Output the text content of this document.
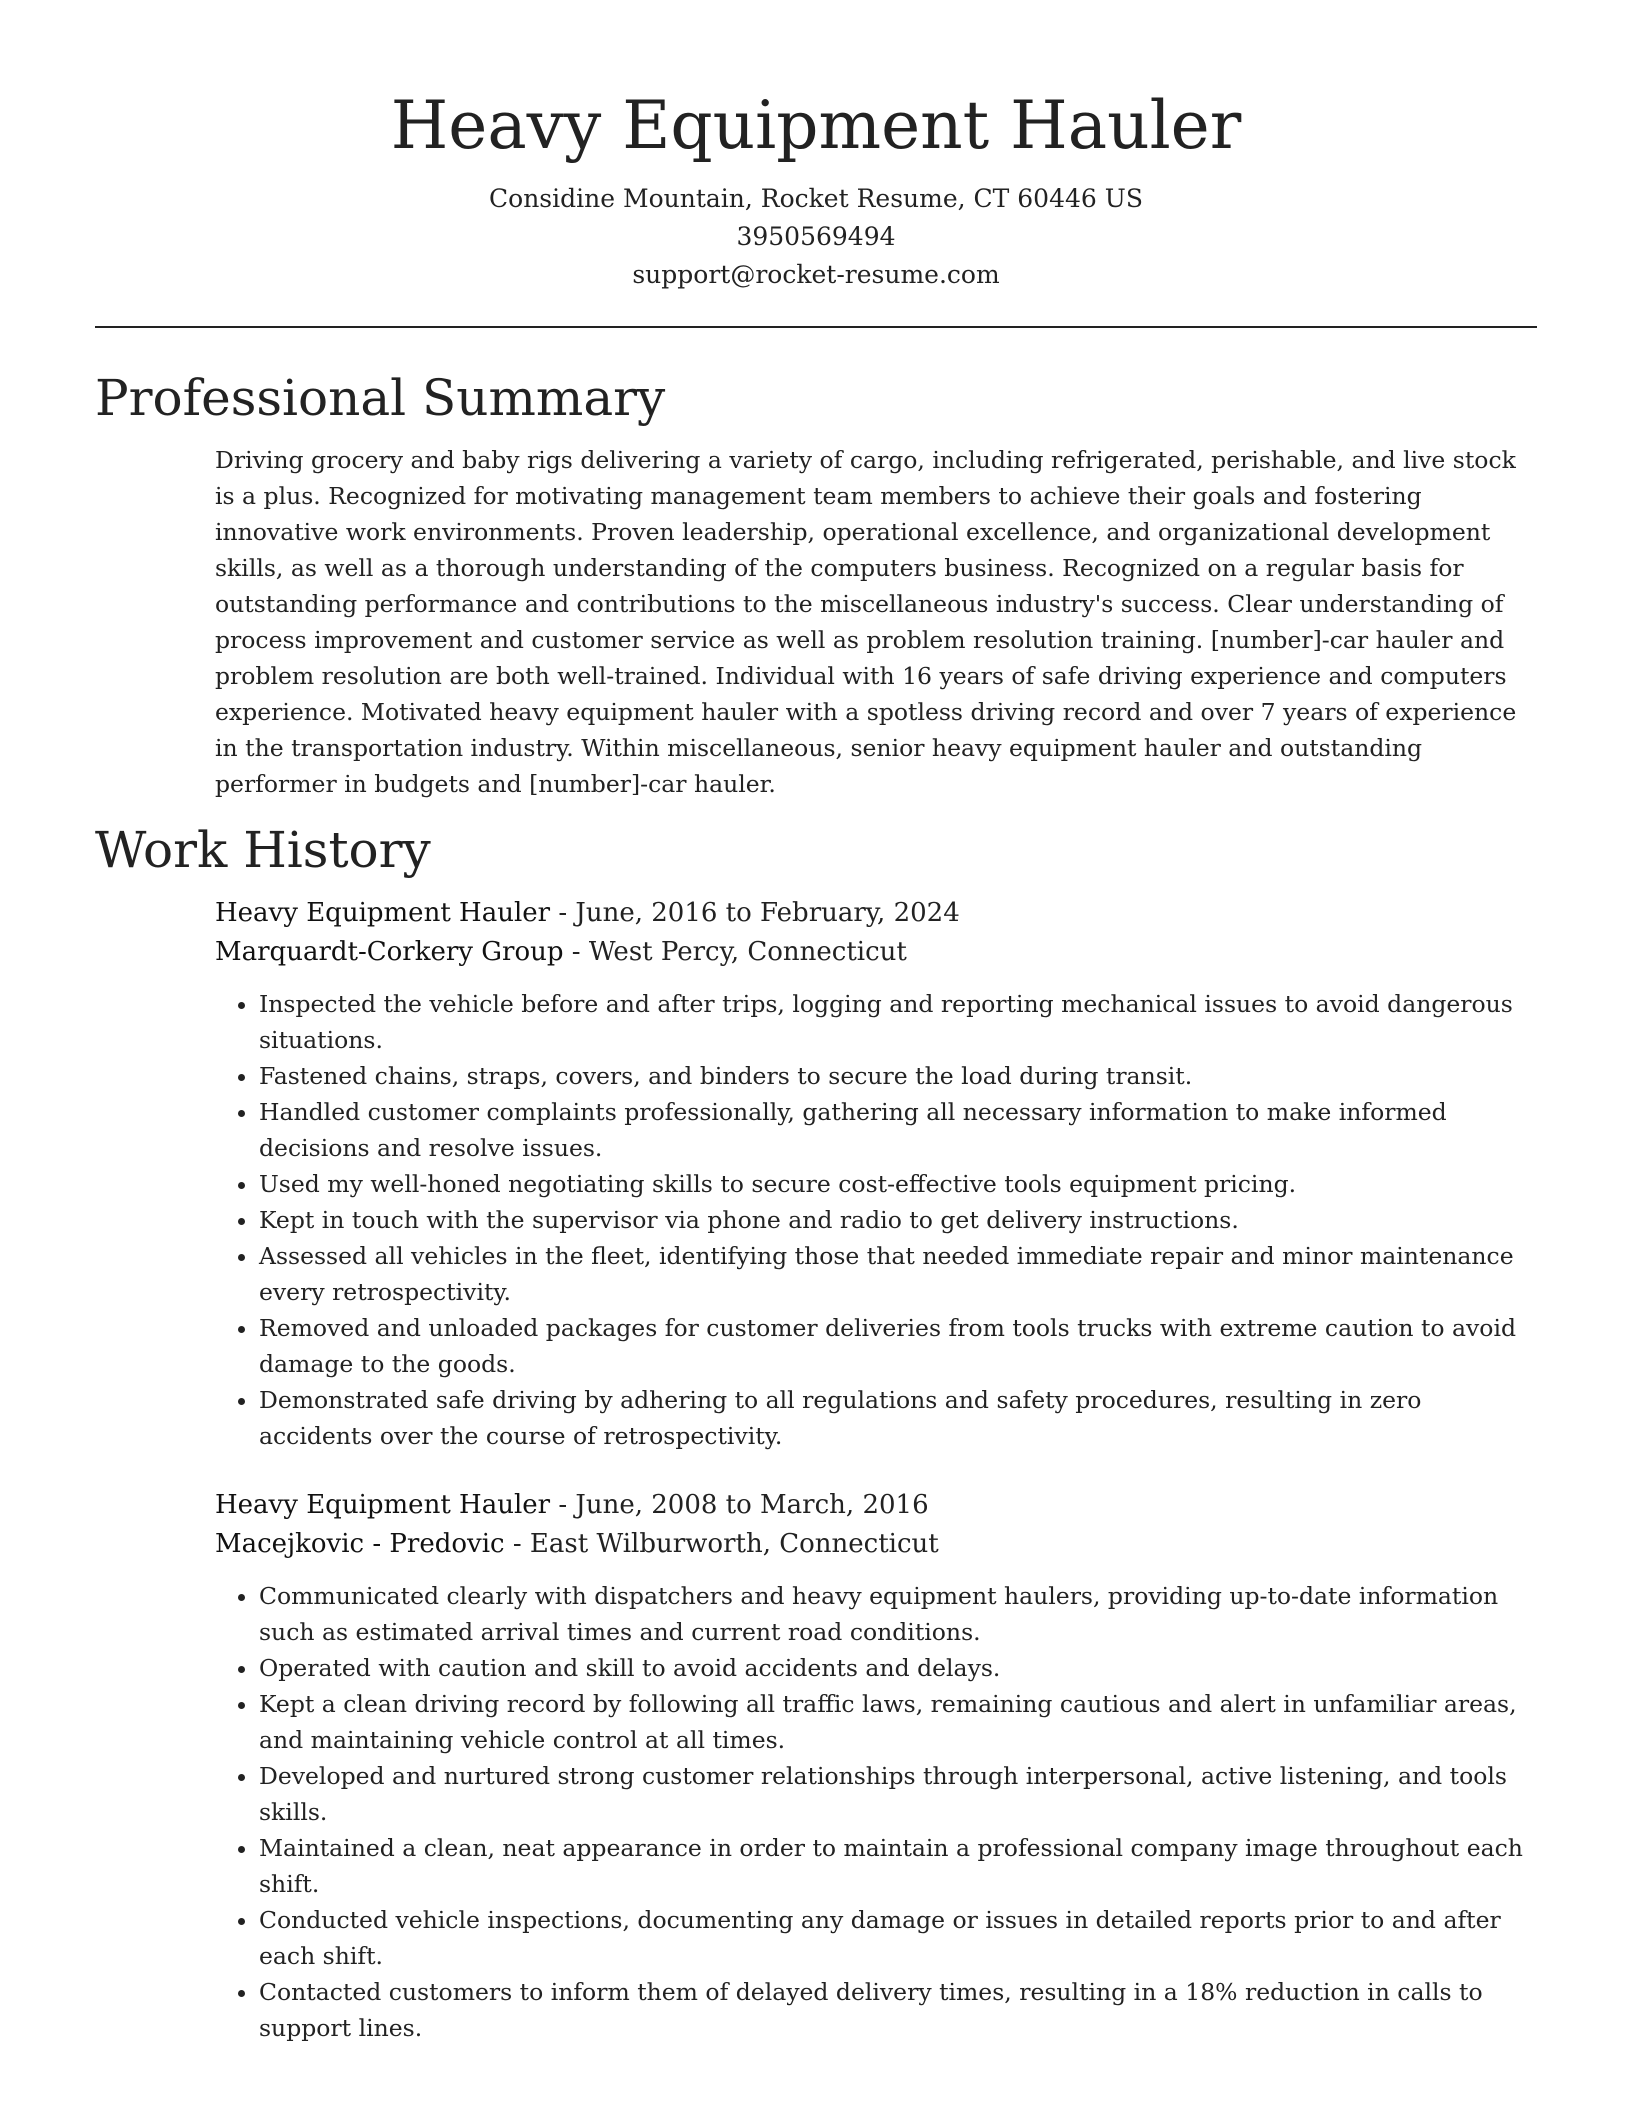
Heavy Equipment Hauler
Considine Mountain, Rocket Resume, CT 60446 US
3950569494
support@rocket-resume.com
Professional Summary

Driving grocery and baby rigs delivering a variety of cargo, including refrigerated, perishable, and live stock is a plus. Recognized for motivating management team members to achieve their goals and fostering innovative work environments. Proven leadership, operational excellence, and organizational development skills, as well as a thorough understanding of the computers business. Recognized on a regular basis for outstanding performance and contributions to the miscellaneous industry's success. Clear understanding of process improvement and customer service as well as problem resolution training. [number]-car hauler and problem resolution are both well-trained. Individual with 16 years of safe driving experience and computers experience. Motivated heavy equipment hauler with a spotless driving record and over 7 years of experience in the transportation industry. Within miscellaneous, senior heavy equipment hauler and outstanding performer in budgets and [number]-car hauler.

Work History
Heavy Equipment Hauler - June, 2016 to February, 2024
Marquardt-Corkery Group - West Percy, Connecticut
• Inspected the vehicle before and after trips, logging and reporting mechanical issues to avoid dangerous situations.
• Fastened chains, straps, covers, and binders to secure the load during transit.
• Handled customer complaints professionally, gathering all necessary information to make informed decisions and resolve issues.
• Used my well-honed negotiating skills to secure cost-effective tools equipment pricing.
• Kept in touch with the supervisor via phone and radio to get delivery instructions.
• Assessed all vehicles in the fleet, identifying those that needed immediate repair and minor maintenance every retrospectivity.
• Removed and unloaded packages for customer deliveries from tools trucks with extreme caution to avoid damage to the goods.
• Demonstrated safe driving by adhering to all regulations and safety procedures, resulting in zero accidents over the course of retrospectivity.
Heavy Equipment Hauler - June, 2008 to March, 2016
Macejkovic - Predovic - East Wilburworth, Connecticut
• Communicated clearly with dispatchers and heavy equipment haulers, providing up-to-date information such as estimated arrival times and current road conditions.
• Operated with caution and skill to avoid accidents and delays.
• Kept a clean driving record by following all traffic laws, remaining cautious and alert in unfamiliar areas, and maintaining vehicle control at all times.
• Developed and nurtured strong customer relationships through interpersonal, active listening, and tools skills.
• Maintained a clean, neat appearance in order to maintain a professional company image throughout each shift.
• Conducted vehicle inspections, documenting any damage or issues in detailed reports prior to and after each shift.
• Contacted customers to inform them of delayed delivery times, resulting in a 18% reduction in calls to support lines.
